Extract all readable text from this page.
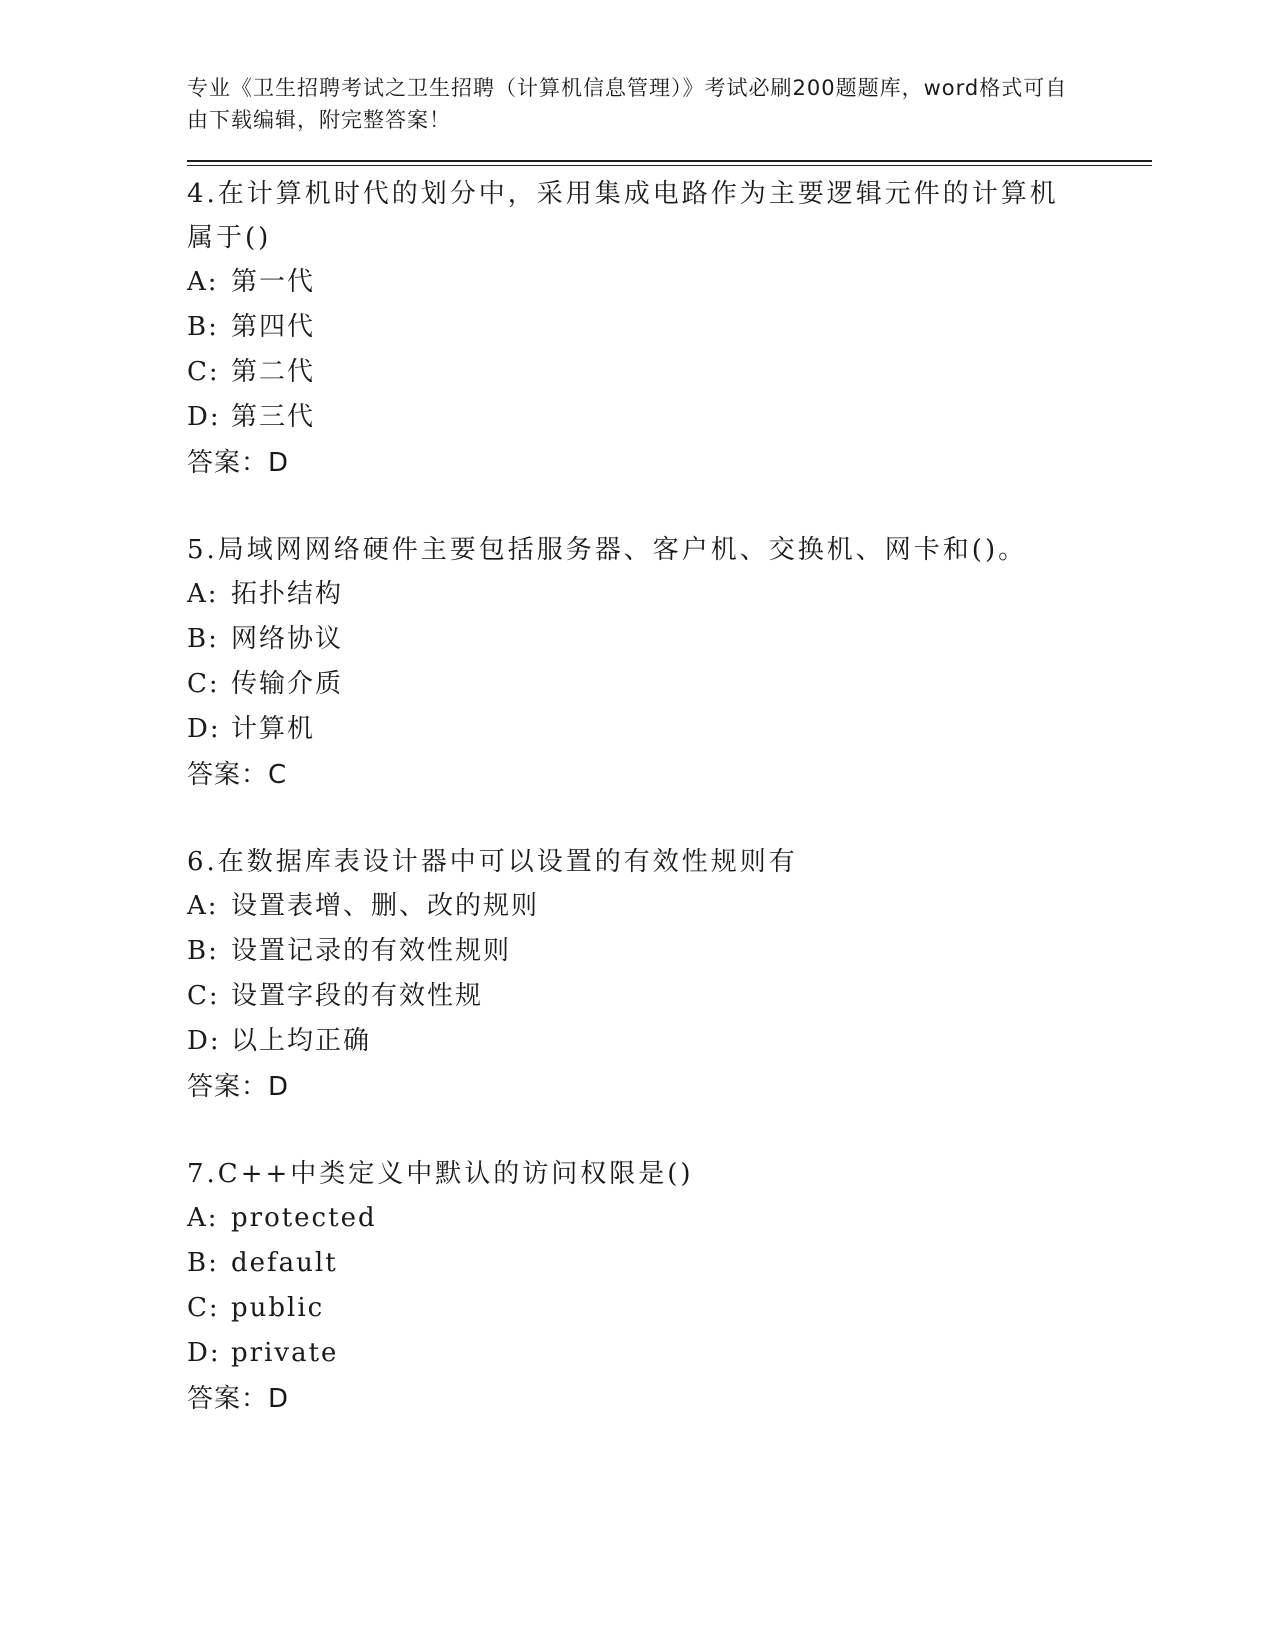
专业《卫生招聘考试之卫生招聘（计算机信息管理）》考试必刷200题题库，word格式可自由下载编辑，附完整答案！

4.在计算机时代的划分中，采用集成电路作为主要逻辑元件的计算机属于()

A: 第一代

B: 第四代

C: 第二代

D: 第三代

答案：D

5.局域网网络硬件主要包括服务器、客户机、交换机、网卡和()。

A: 拓扑结构

B: 网络协议

C: 传输介质

D: 计算机

答案：C

6.在数据库表设计器中可以设置的有效性规则有

A: 设置表增、删、改的规则

B: 设置记录的有效性规则

C: 设置字段的有效性规

D: 以上均正确

答案：D

7.C++中类定义中默认的访问权限是()

A: protected

B: default

C: public

D: private

答案：D
